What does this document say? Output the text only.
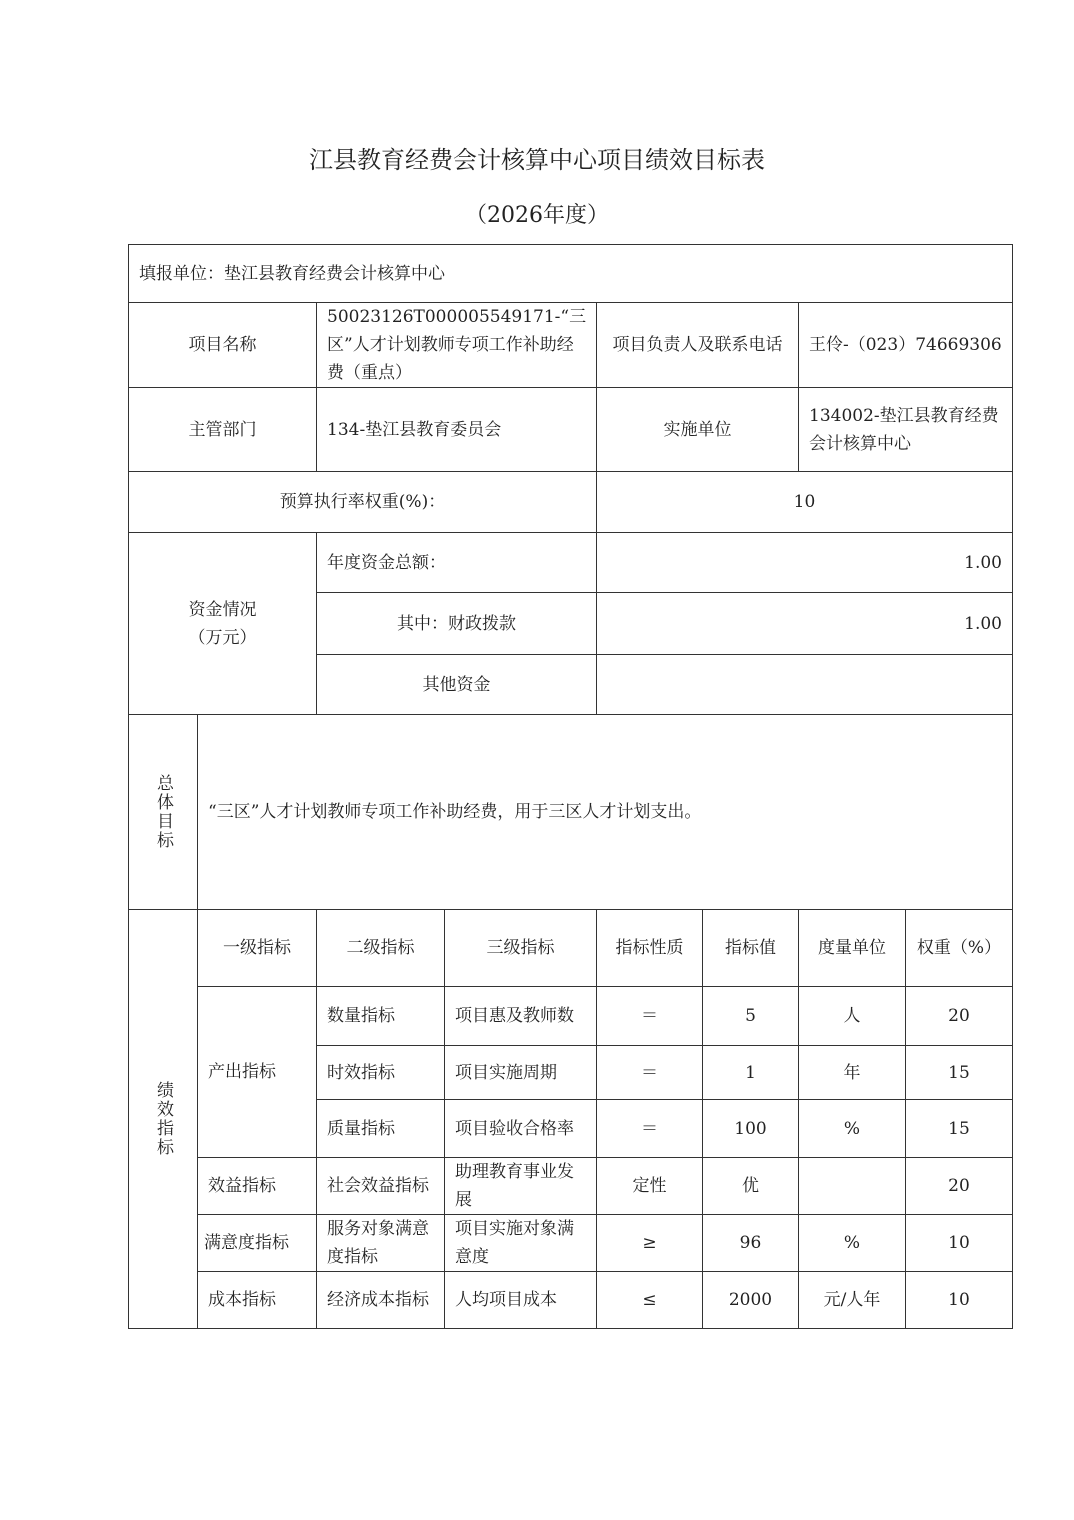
江县教育经费会计核算中心项目绩效目标表
（2026年度）
填报单位：垫江县教育经费会计核算中心							
项目名称		50023126T000005549171-“三区”人才计划教师专项工作补助经费（重点）		项目负责人及联系电话		王伶-（023）74669306	
主管部门		134-垫江县教育委员会		实施单位		134002-垫江县教育经费会计核算中心	
预算执行率权重(%)：				10			

资金情况（万元）		年度资金总额：		1.00			
		其中：财政拨款		1.00			
		其他资金					

总体目标	“三区”人才计划教师专项工作补助经费，用于三区人才计划支出。						

绩效指标	一级指标	二级指标	三级指标	指标性质	指标值	度量单位	权重（%）
	产出指标	数量指标	项目惠及教师数	＝	5	人	20
		时效指标	项目实施周期	＝	1	年	15
		质量指标	项目验收合格率	＝	100	%	15
	效益指标	社会效益指标	助理教育事业发展	定性	优		20
	满意度指标	服务对象满意度指标	项目实施对象满意度	≥	96	%	10
	成本指标	经济成本指标	人均项目成本	≤	2000	元/人年	10
